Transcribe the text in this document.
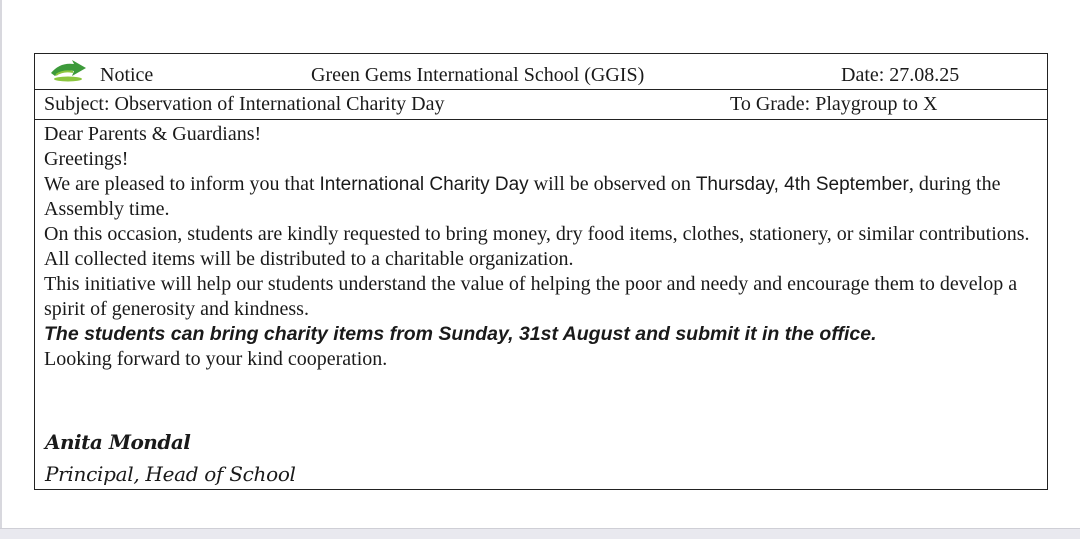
Notice	Green Gems International School (GGIS)	Date: 27.08.25
Subject: Observation of International Charity Day	To Grade: Playgroup to X

Dear Parents & Guardians!

Greetings!

We are pleased to inform you that International Charity Day will be observed on Thursday, 4th September, during the Assembly time.

On this occasion, students are kindly requested to bring money, dry food items, clothes, stationery, or similar contributions. All collected items will be distributed to a charitable organization.

This initiative will help our students understand the value of helping the poor and needy and encourage them to develop a spirit of generosity and kindness.

The students can bring charity items from Sunday, 31st August and submit it in the office.

Looking forward to your kind cooperation.

Anita Mondal
Principal, Head of School
